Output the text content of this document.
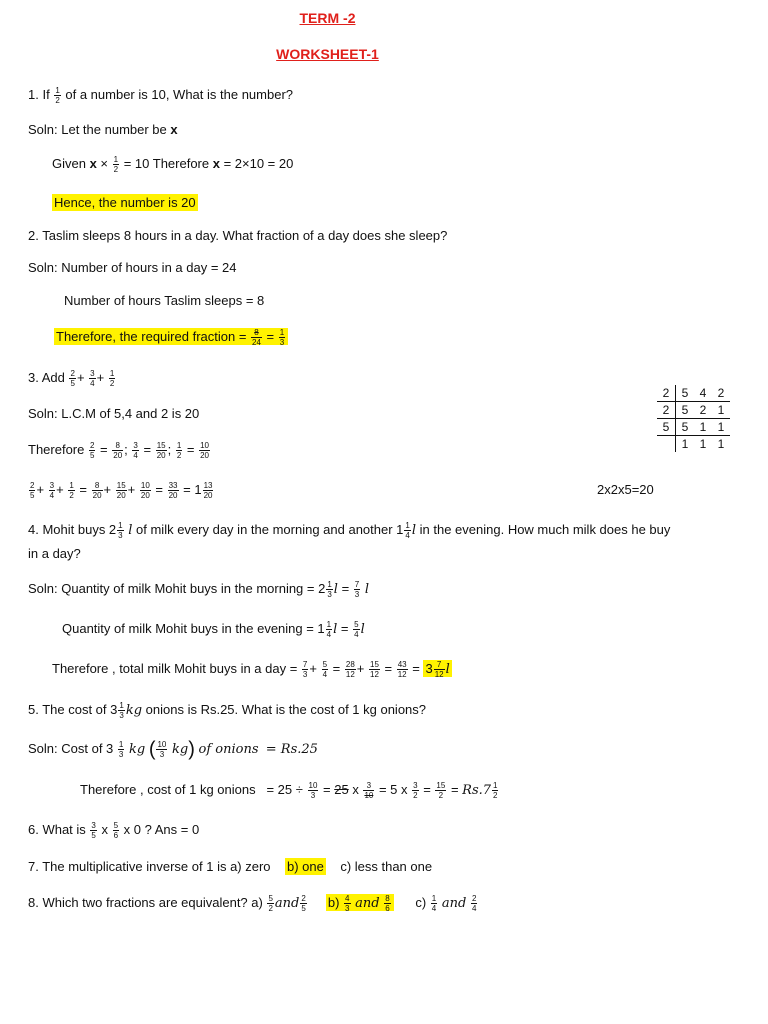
TERM -2
WORKSHEET-1
1. If $\frac{1}{2}$ of a number is 10, What is the number?
Soln: Let the number be x
Given $x \times \frac{1}{2} = 10$ Therefore x = 2×10 = 20
Hence, the number is 20
2. Taslim sleeps 8 hours in a day. What fraction of a day does she sleep?
Soln: Number of hours in a day = 24
Number of hours Taslim sleeps = 8
Therefore, the required fraction = $\frac{8}{24} = \frac{1}{3}$
3. Add $\frac{2}{5} + \frac{3}{4} + \frac{1}{2}$
Soln: L.C.M of 5,4 and 2 is 20
Therefore $\frac{2}{5} = \frac{8}{20}$ ; $\frac{3}{4} = \frac{15}{20}$ ; $\frac{1}{2} = \frac{10}{20}$
$\frac{2}{5} + \frac{3}{4} + \frac{1}{2} = \frac{8}{20} + \frac{15}{20} + \frac{10}{20} = \frac{33}{20} = 1 \frac{13}{20}$
2	5	4	2
2	5	2	1
5	5	1	1
	1	1	1
2x2x5=20
4. Mohit buys $2 \frac{1}{3}$ l of milk every day in the morning and another $1 \frac{1}{4}$ l in the evening. How much milk does he buy
in a day?
Soln: Quantity of milk Mohit buys in the morning = $2 \frac{1}{3}$ $l = \frac{7}{3}$ l
Quantity of milk Mohit buys in the evening = $1 \frac{1}{4}$ $l = \frac{5}{4}$ l
Therefore , total milk Mohit buys in a day = $\frac{7}{3} + \frac{5}{4} = \frac{28}{12} + \frac{15}{12} = \frac{43}{12} = 3 \frac{7}{12}$ l
5. The cost of $3 \frac{1}{3}$ kg onions is Rs.25. What is the cost of 1 kg onions?
Soln: Cost of $3 \frac{1}{3}$ kg ( $\frac{10}{3} kg$) of onions = Rs.25
Therefore , cost of 1 kg onions = $25 \div \frac{10}{3} = 25$ x $\frac{3}{10} = 5$ x $\frac{3}{2} = \frac{15}{2} = Rs.7 \frac{1}{2}$
6. What is $\frac{3}{5}$ x $\frac{5}{6}$ x 0 ? Ans = 0
7. The multiplicative inverse of 1 is a) zero b) one c) less than one
8. Which two fractions are equivalent? $a) \frac{5}{2}$ and $\frac{2}{5} b) \frac{4}{3}$ and $\frac{8}{6} c) \frac{1}{4}$ and $\frac{2}{4}$
